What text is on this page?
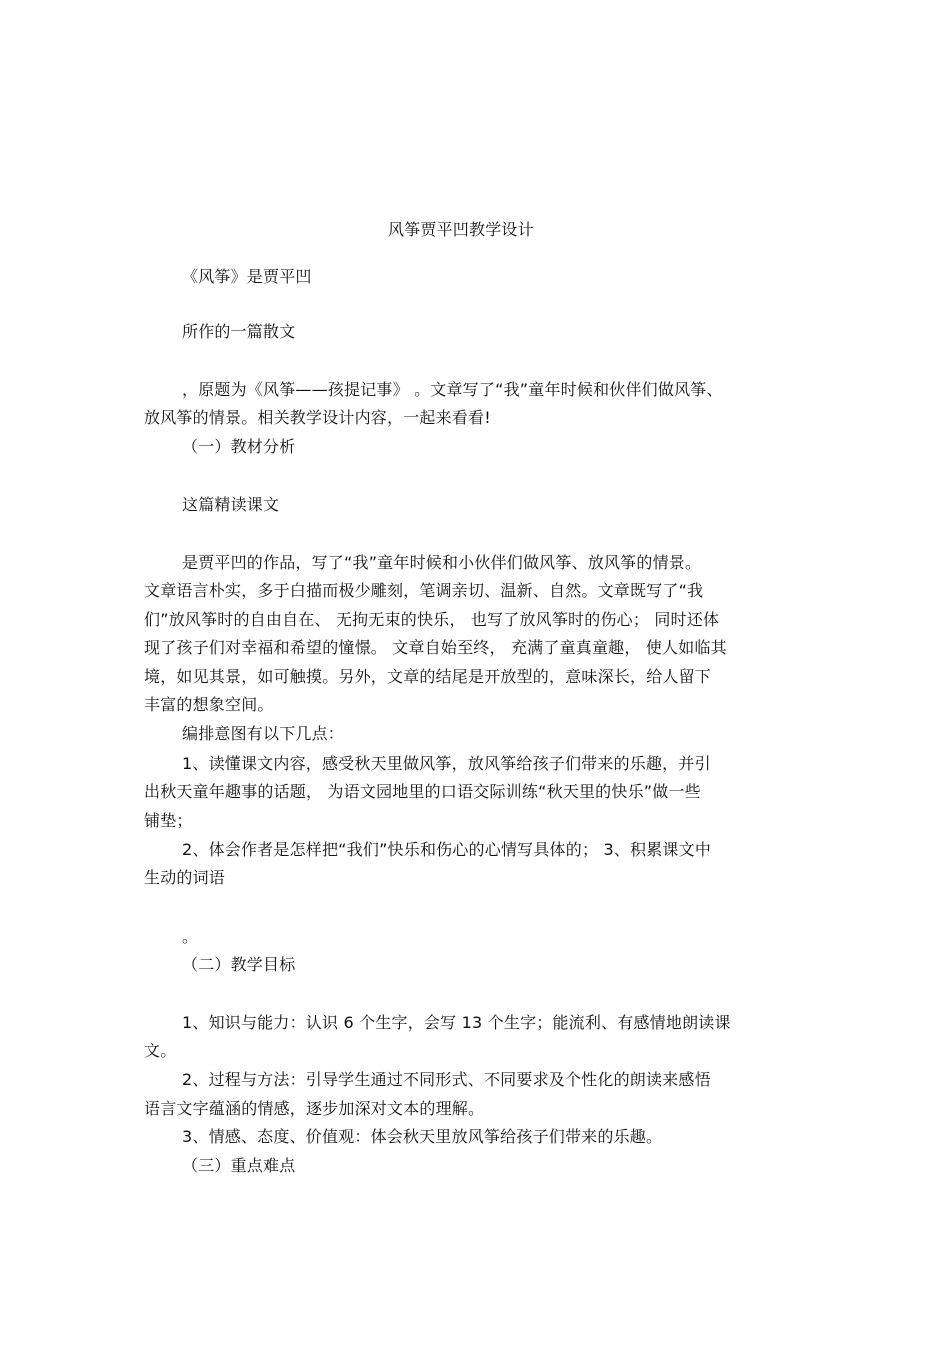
风筝贾平凹教学设计
《风筝》是贾平凹
所作的一篇散文
，原题为《风筝——孩提记事》 。文章写了“我”童年时候和伙伴们做风筝、
放风筝的情景。相关教学设计内容，一起来看看!
（一）教材分析
这篇精读课文
是贾平凹的作品，写了“我”童年时候和小伙伴们做风筝、放风筝的情景。
文章语言朴实，多于白描而极少雕刻，笔调亲切、温新、自然。文章既写了“我
们”放风筝时的自由自在、 无拘无束的快乐， 也写了放风筝时的伤心； 同时还体
现了孩子们对幸福和希望的憧憬。 文章自始至终， 充满了童真童趣， 使人如临其
境，如见其景，如可触摸。另外，文章的结尾是开放型的，意味深长，给人留下
丰富的想象空间。
编排意图有以下几点：
1、读懂课文内容，感受秋天里做风筝，放风筝给孩子们带来的乐趣，并引
出秋天童年趣事的话题， 为语文园地里的口语交际训练“秋天里的快乐”做一些
铺垫；
2、体会作者是怎样把“我们”快乐和伤心的心情写具体的； 3、积累课文中
生动的词语
。
（二）教学目标
1、知识与能力：认识 6 个生字，会写 13 个生字；能流利、有感情地朗读课
文。
2、过程与方法：引导学生通过不同形式、不同要求及个性化的朗读来感悟
语言文字蕴涵的情感，逐步加深对文本的理解。
3、情感、态度、价值观：体会秋天里放风筝给孩子们带来的乐趣。
（三）重点难点
